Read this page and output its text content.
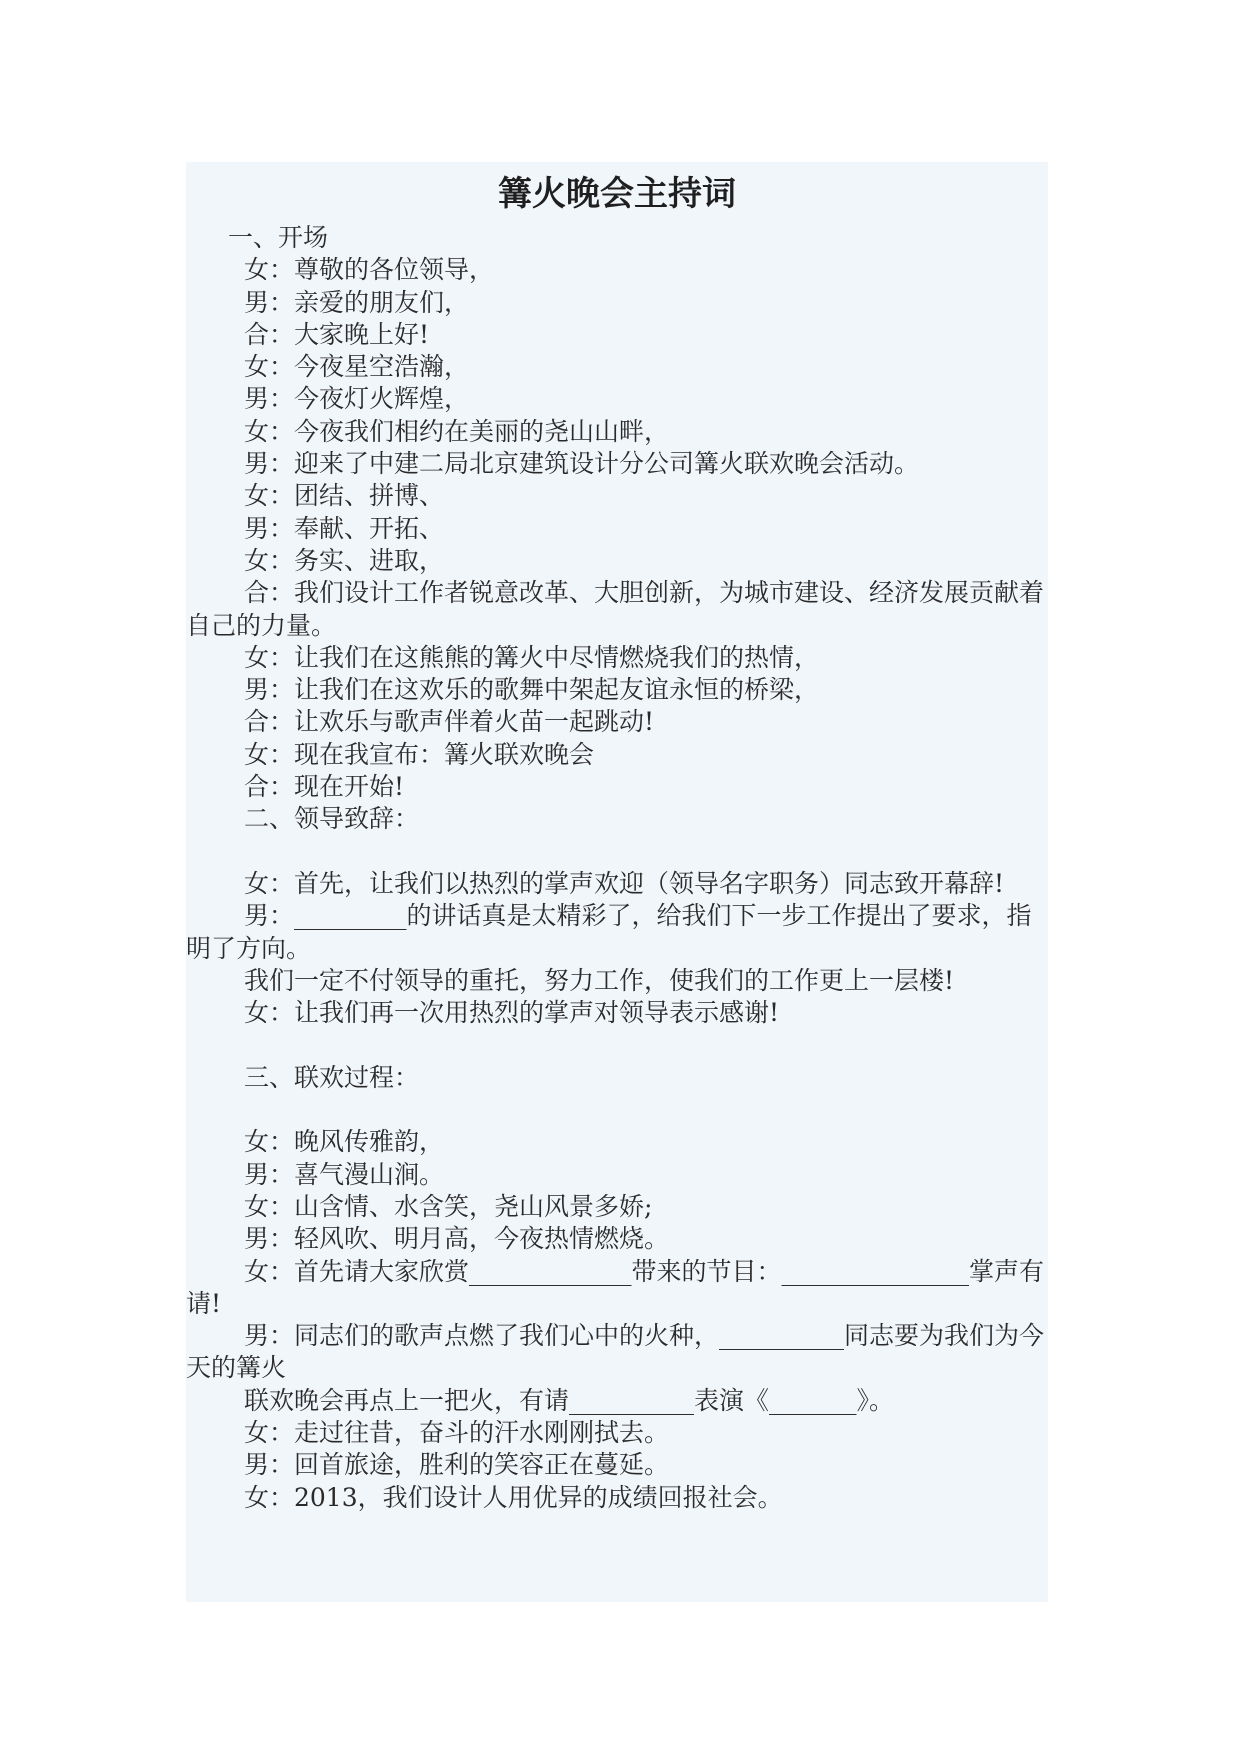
篝火晚会主持词

一、开场

女：尊敬的各位领导，

男：亲爱的朋友们，

合：大家晚上好!

女：今夜星空浩瀚，

男：今夜灯火辉煌，

女：今夜我们相约在美丽的尧山山畔，

男：迎来了中建二局北京建筑设计分公司篝火联欢晚会活动。

女：团结、拼博、

男：奉献、开拓、

女：务实、进取，

合：我们设计工作者锐意改革、大胆创新，为城市建设、经济发展贡献着自己的力量。

女：让我们在这熊熊的篝火中尽情燃烧我们的热情，

男：让我们在这欢乐的歌舞中架起友谊永恒的桥梁，

合：让欢乐与歌声伴着火苗一起跳动!

女：现在我宣布：篝火联欢晚会

合：现在开始!

二、领导致辞：

女：首先，让我们以热烈的掌声欢迎（领导名字职务）同志致开幕辞!

男：_________的讲话真是太精彩了，给我们下一步工作提出了要求，指明了方向。

我们一定不付领导的重托，努力工作，使我们的工作更上一层楼!

女：让我们再一次用热烈的掌声对领导表示感谢!

三、联欢过程：

女：晚风传雅韵，

男：喜气漫山涧。

女：山含情、水含笑，尧山风景多娇;

男：轻风吹、明月高，今夜热情燃烧。

女：首先请大家欣赏_____________带来的节目：_______________掌声有请!

男：同志们的歌声点燃了我们心中的火种，__________同志要为我们为今天的篝火

联欢晚会再点上一把火，有请__________表演《_______》。

女：走过往昔，奋斗的汗水刚刚拭去。

男：回首旅途，胜利的笑容正在蔓延。

女：2013，我们设计人用优异的成绩回报社会。
